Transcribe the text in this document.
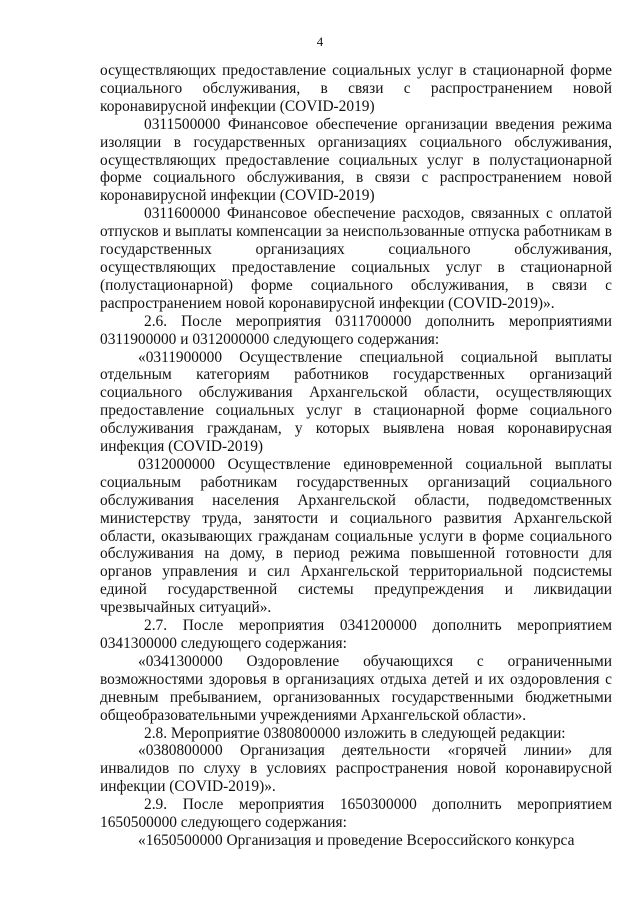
4

осуществляющих предоставление социальных услуг в стационарной форме социального обслуживания, в связи с распространением новой коронавирусной инфекции (COVID-2019)

0311500000 Финансовое обеспечение организации введения режима изоляции в государственных организациях социального обслуживания, осуществляющих предоставление социальных услуг в полустационарной форме социального обслуживания, в связи с распространением новой коронавирусной инфекции (COVID-2019)

0311600000 Финансовое обеспечение расходов, связанных с оплатой отпусков и выплаты компенсации за неиспользованные отпуска работникам в государственных организациях социального обслуживания, осуществляющих предоставление социальных услуг в стационарной (полустационарной) форме социального обслуживания, в связи с распространением новой коронавирусной инфекции (COVID-2019)».

2.6. После мероприятия 0311700000 дополнить мероприятиями 0311900000 и 0312000000 следующего содержания:

«0311900000 Осуществление специальной социальной выплаты отдельным категориям работников государственных организаций социального обслуживания Архангельской области, осуществляющих предоставление социальных услуг в стационарной форме социального обслуживания гражданам, у которых выявлена новая коронавирусная инфекция (COVID-2019)

0312000000 Осуществление единовременной социальной выплаты социальным работникам государственных организаций социального обслуживания населения Архангельской области, подведомственных министерству труда, занятости и социального развития Архангельской области, оказывающих гражданам социальные услуги в форме социального обслуживания на дому, в период режима повышенной готовности для органов управления и сил Архангельской территориальной подсистемы единой государственной системы предупреждения и ликвидации чрезвычайных ситуаций».

2.7. После мероприятия 0341200000 дополнить мероприятием 0341300000 следующего содержания:

«0341300000 Оздоровление обучающихся с ограниченными возможностями здоровья в организациях отдыха детей и их оздоровления с дневным пребыванием, организованных государственными бюджетными общеобразовательными учреждениями Архангельской области».

2.8. Мероприятие 0380800000 изложить в следующей редакции:

«0380800000 Организация деятельности «горячей линии» для инвалидов по слуху в условиях распространения новой коронавирусной инфекции (COVID-2019)».

2.9. После мероприятия 1650300000 дополнить мероприятием 1650500000 следующего содержания:

«1650500000 Организация и проведение Всероссийского конкурса
